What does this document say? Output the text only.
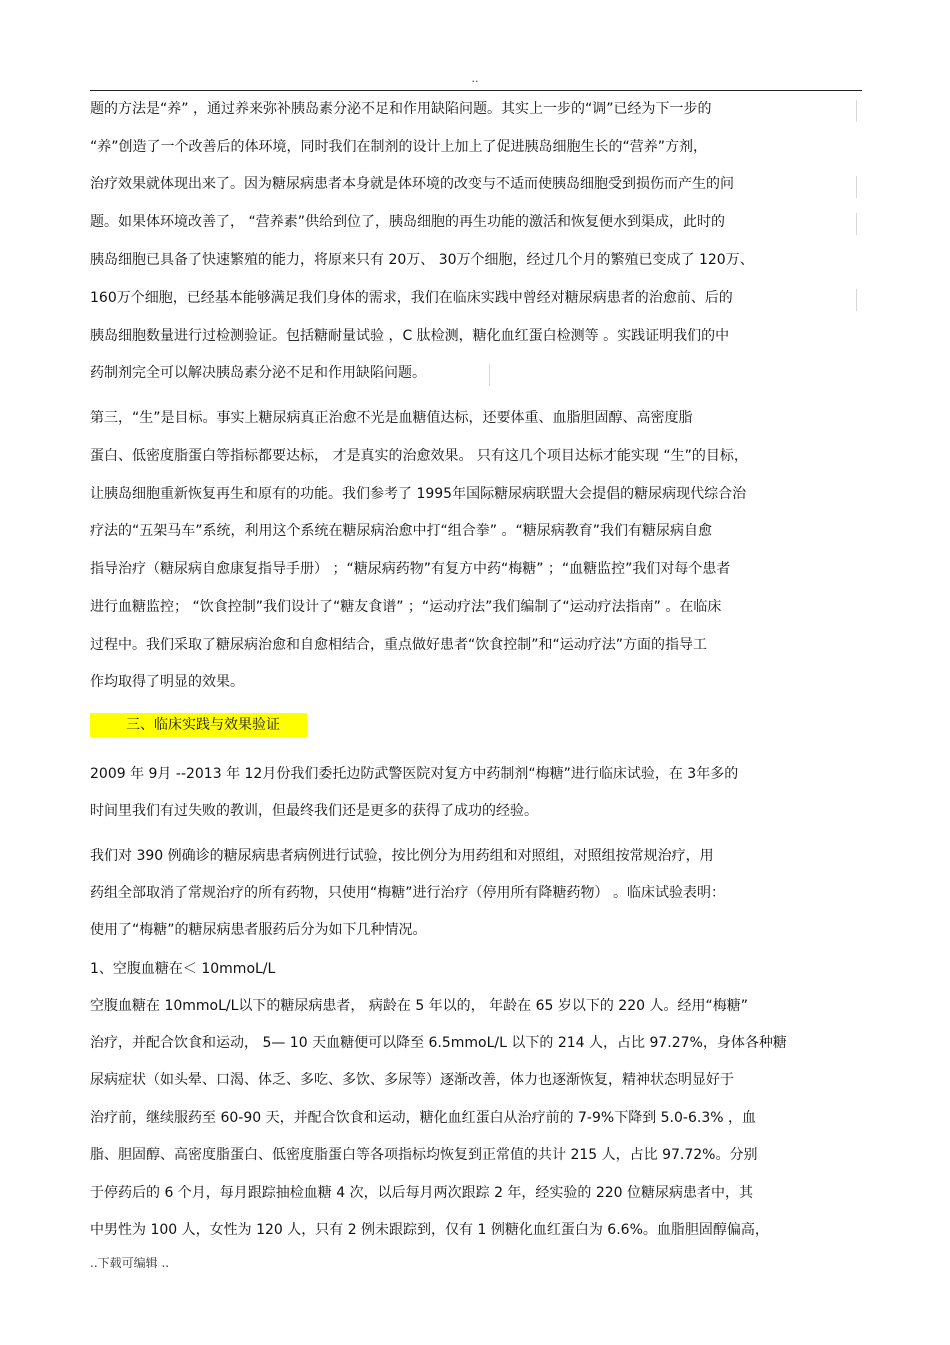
..
题的方法是“养” ，通过养来弥补胰岛素分泌不足和作用缺陷问题。其实上一步的“调”已经为下一步的
“养”创造了一个改善后的体环境，同时我们在制剂的设计上加上了促进胰岛细胞生长的“营养”方剂，
治疗效果就体现出来了。因为糖尿病患者本身就是体环境的改变与不适而使胰岛细胞受到损伤而产生的问
题。如果体环境改善了， “营养素”供给到位了，胰岛细胞的再生功能的激活和恢复便水到渠成，此时的
胰岛细胞已具备了快速繁殖的能力，将原来只有 20万、 30万个细胞，经过几个月的繁殖已变成了 120万、
160万个细胞，已经基本能够满足我们身体的需求，我们在临床实践中曾经对糖尿病患者的治愈前、后的
胰岛细胞数量进行过检测验证。包括糖耐量试验 ，C 肽检测，糖化血红蛋白检测等 。实践证明我们的中
药制剂完全可以解决胰岛素分泌不足和作用缺陷问题。
第三，“生”是目标。事实上糖尿病真正治愈不光是血糖值达标，还要体重、血脂胆固醇、高密度脂
蛋白、低密度脂蛋白等指标都要达标， 才是真实的治愈效果。 只有这几个项目达标才能实现 “生”的目标，
让胰岛细胞重新恢复再生和原有的功能。我们参考了 1995年国际糖尿病联盟大会提倡的糖尿病现代综合治
疗法的“五架马车”系统，利用这个系统在糖尿病治愈中打“组合拳” 。“糖尿病教育”我们有糖尿病自愈
指导治疗（糖尿病自愈康复指导手册） ；“糖尿病药物”有复方中药“梅糖” ；“血糖监控”我们对每个患者
进行血糖监控； “饮食控制”我们设计了“糖友食谱” ；“运动疗法”我们编制了“运动疗法指南” 。在临床
过程中。我们采取了糖尿病治愈和自愈相结合，重点做好患者“饮食控制”和“运动疗法”方面的指导工
作均取得了明显的效果。
三、临床实践与效果验证
2009 年 9月 --2013 年 12月份我们委托边防武警医院对复方中药制剂“梅糖”进行临床试验，在 3年多的
时间里我们有过失败的教训，但最终我们还是更多的获得了成功的经验。
我们对 390 例确诊的糖尿病患者病例进行试验，按比例分为用药组和对照组，对照组按常规治疗，用
药组全部取消了常规治疗的所有药物，只使用“梅糖”进行治疗（停用所有降糖药物） 。临床试验表明：
使用了“梅糖”的糖尿病患者服药后分为如下几种情况。
1、空腹血糖在＜ 10mmoL/L
空腹血糖在 10mmoL/L以下的糖尿病患者， 病龄在 5 年以的， 年龄在 65 岁以下的 220 人。经用“梅糖”
治疗，并配合饮食和运动， 5— 10 天血糖便可以降至 6.5mmoL/L 以下的 214 人，占比 97.27%，身体各种糖
尿病症状（如头晕、口渴、体乏、多吃、多饮、多尿等）逐渐改善，体力也逐渐恢复，精神状态明显好于
治疗前，继续服药至 60-90 天，并配合饮食和运动，糖化血红蛋白从治疗前的 7-9%下降到 5.0-6.3% ，血
脂、胆固醇、高密度脂蛋白、低密度脂蛋白等各项指标均恢复到正常值的共计 215 人，占比 97.72%。分别
于停药后的 6 个月，每月跟踪抽检血糖 4 次，以后每月两次跟踪 2 年，经实验的 220 位糖尿病患者中，其
中男性为 100 人，女性为 120 人，只有 2 例未跟踪到，仅有 1 例糖化血红蛋白为 6.6%。血脂胆固醇偏高，
..下载可编辑 ..
